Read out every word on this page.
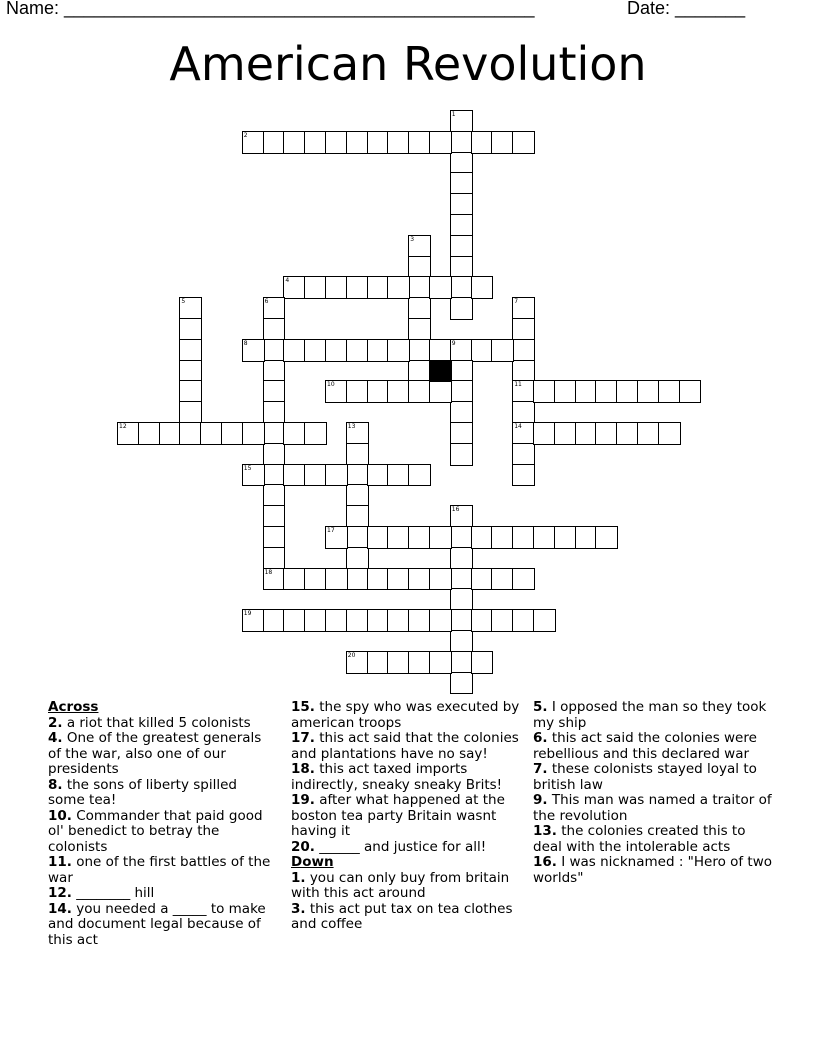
Name: _______________________________________________	Date: _______
American Revolution
1
2
3
4
5	6	7
11
14
8	9
10
12	13
15
16
17
18
19
20
Across
2. a riot that killed 5 colonists
4. One of the greatest generals of the war, also one of our presidents
8. the sons of liberty spilled some tea!
10. Commander that paid good ol' benedict to betray the colonists
11. one of the first battles of the war
12. ________ hill
14. you needed a _____ to make and document legal because of this act
15. the spy who was executed by american troops
17. this act said that the colonies and plantations have no say!
18. this act taxed imports indirectly, sneaky sneaky Brits!
19. after what happened at the boston tea party Britain wasnt having it
20. ______ and justice for all!
Down
1. you can only buy from britain with this act around
3. this act put tax on tea clothes and coffee
5. I opposed the man so they took my ship
6. this act said the colonies were rebellious and this declared war
7. these colonists stayed loyal to british law
9. This man was named a traitor of the revolution
13. the colonies created this to deal with the intolerable acts
16. I was nicknamed : "Hero of two worlds"
